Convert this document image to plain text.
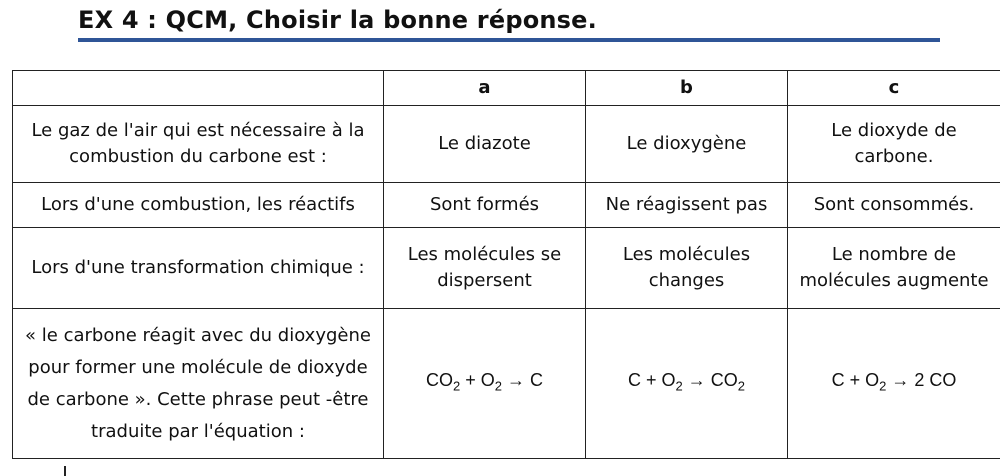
EX 4 : QCM, Choisir la bonne réponse.
	a	b	c
Le gaz de l'air qui est nécessaire à la combustion du carbone est :	Le diazote	Le dioxygène	Le dioxyde de carbone.
Lors d'une combustion, les réactifs	Sont formés	Ne réagissent pas	Sont consommés.
Lors d'une transformation chimique :	Les molécules se dispersent	Les molécules changes	Le nombre de molécules augmente
« le carbone réagit avec du dioxygène pour former une molécule de dioxyde de carbone ». Cette phrase peut -être traduite par l'équation :	$CO_2 + O_2 \to C$	$C + O_2 \to CO_2$	$C + O_2 \to 2$ CO
